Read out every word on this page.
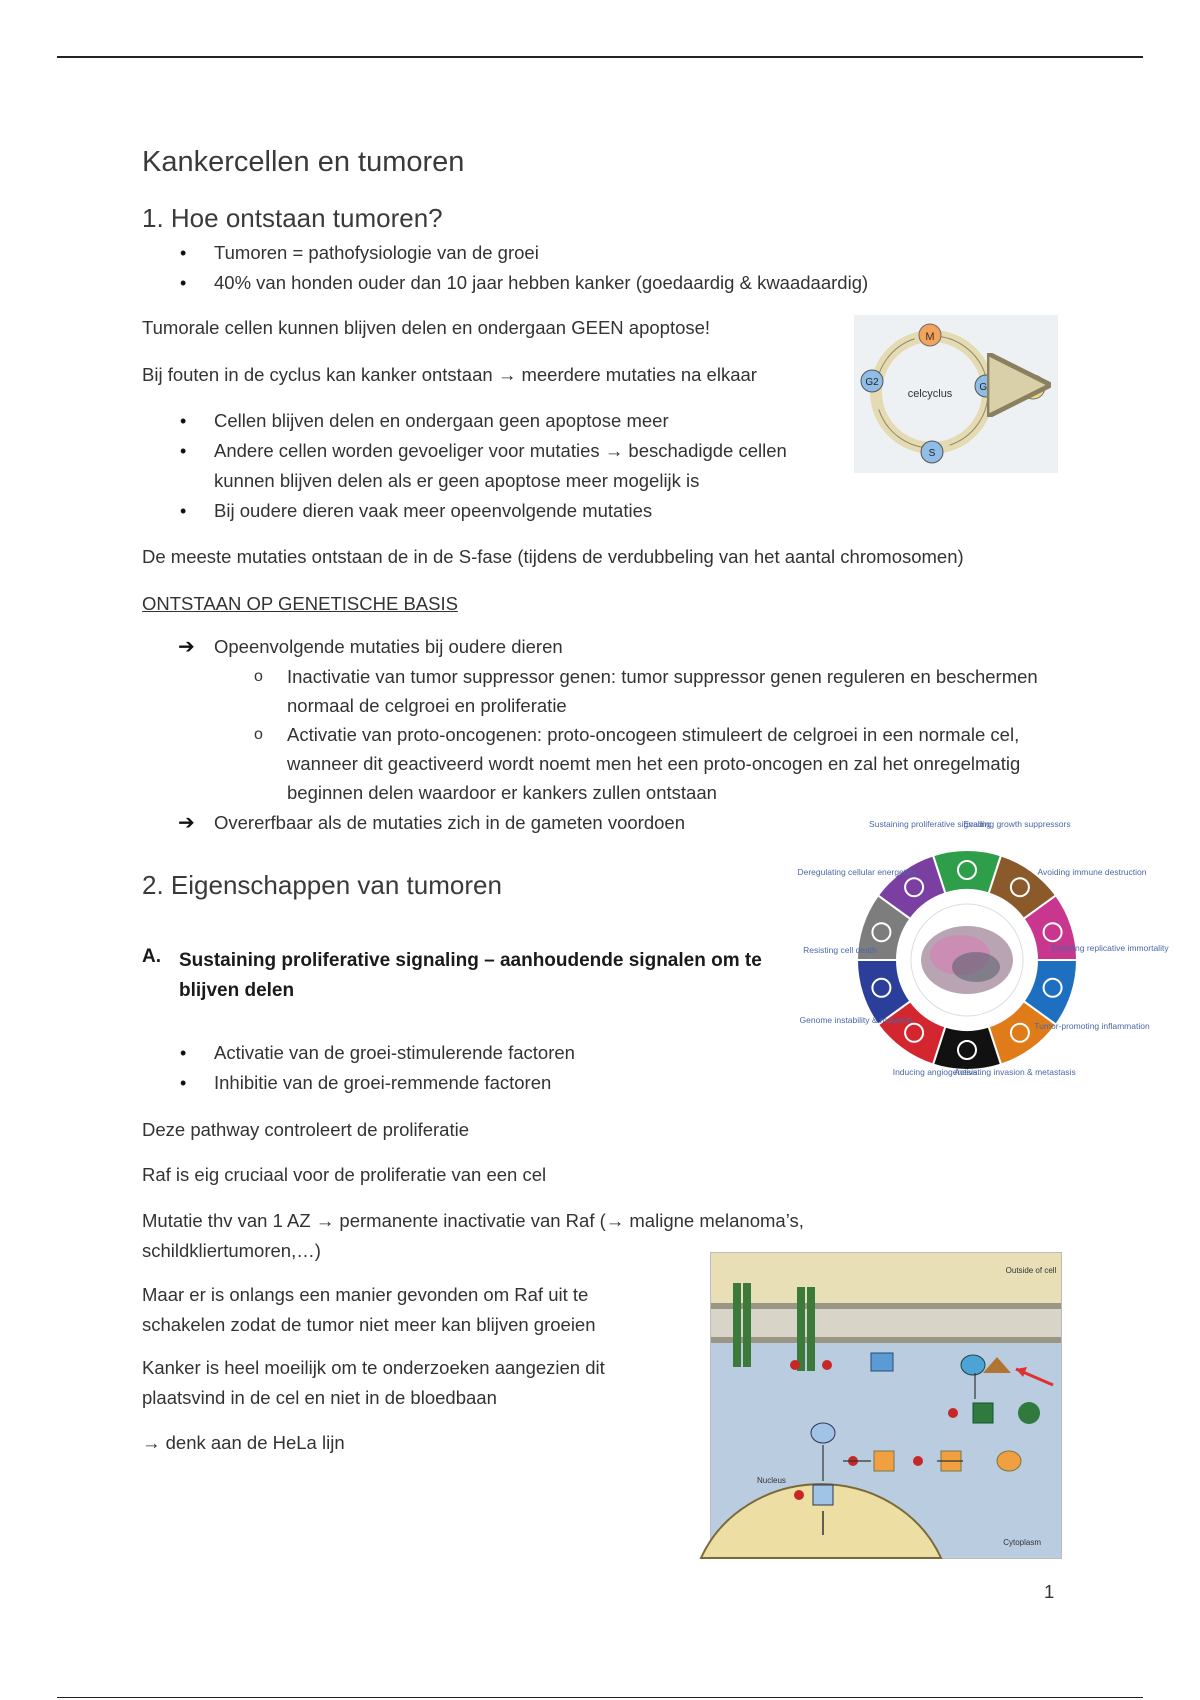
Kankercellen en tumoren
1. Hoe ontstaan tumoren?
• Tumoren = pathofysiologie van de groei
• 40% van honden ouder dan 10 jaar hebben kanker (goedaardig & kwaadaardig)
Tumorale cellen kunnen blijven delen en ondergaan GEEN apoptose!
Bij fouten in de cyclus kan kanker ontstaan → meerdere mutaties na elkaar
• Cellen blijven delen en ondergaan geen apoptose meer
• Andere cellen worden gevoeliger voor mutaties → beschadigde cellen kunnen blijven delen als er geen apoptose meer mogelijk is
• Bij oudere dieren vaak meer opeenvolgende mutaties
M
G1	G0
S
G2
celcyclus
De meeste mutaties ontstaan de in de S-fase (tijdens de verdubbeling van het aantal chromosomen)
ONTSTAAN OP GENETISCHE BASIS
➔ Opeenvolgende mutaties bij oudere dieren
o Inactivatie van tumor suppressor genen: tumor suppressor genen reguleren en beschermen normaal de celgroei en proliferatie
o Activatie van proto-oncogenen: proto-oncogeen stimuleert de celgroei in een normale cel, wanneer dit geactiveerd wordt noemt men het een proto-oncogen en zal het onregelmatig beginnen delen waardoor er kankers zullen ontstaan
➔ Overerfbaar als de mutaties zich in de gameten voordoen
2. Eigenschappen van tumoren
A. Sustaining proliferative signaling – aanhoudende signalen om te blijven delen
• Activatie van de groei-stimulerende factoren
• Inhibitie van de groei-remmende factoren
Deze pathway controleert de proliferatie
Raf is eig cruciaal voor de proliferatie van een cel
Mutatie thv van 1 AZ → permanente inactivatie van Raf (→ maligne melanoma’s, schildkliertumoren,…)
Maar er is onlangs een manier gevonden om Raf uit te schakelen zodat de tumor niet meer kan blijven groeien
Kanker is heel moeilijk om te onderzoeken aangezien dit plaatsvind in de cel en niet in de bloedbaan
→ denk aan de HeLa lijn
Sustaining proliferative signaling
Evading growth suppressors
Avoiding immune destruction
Enabling replicative immortality
Tumor-promoting inflammation
Activating invasion & metastasis
Inducing angiogenesis
Genome instability & mutation
Resisting cell death
Deregulating cellular energetics
Outside of cell
Nucleus
Cytoplasm
1
